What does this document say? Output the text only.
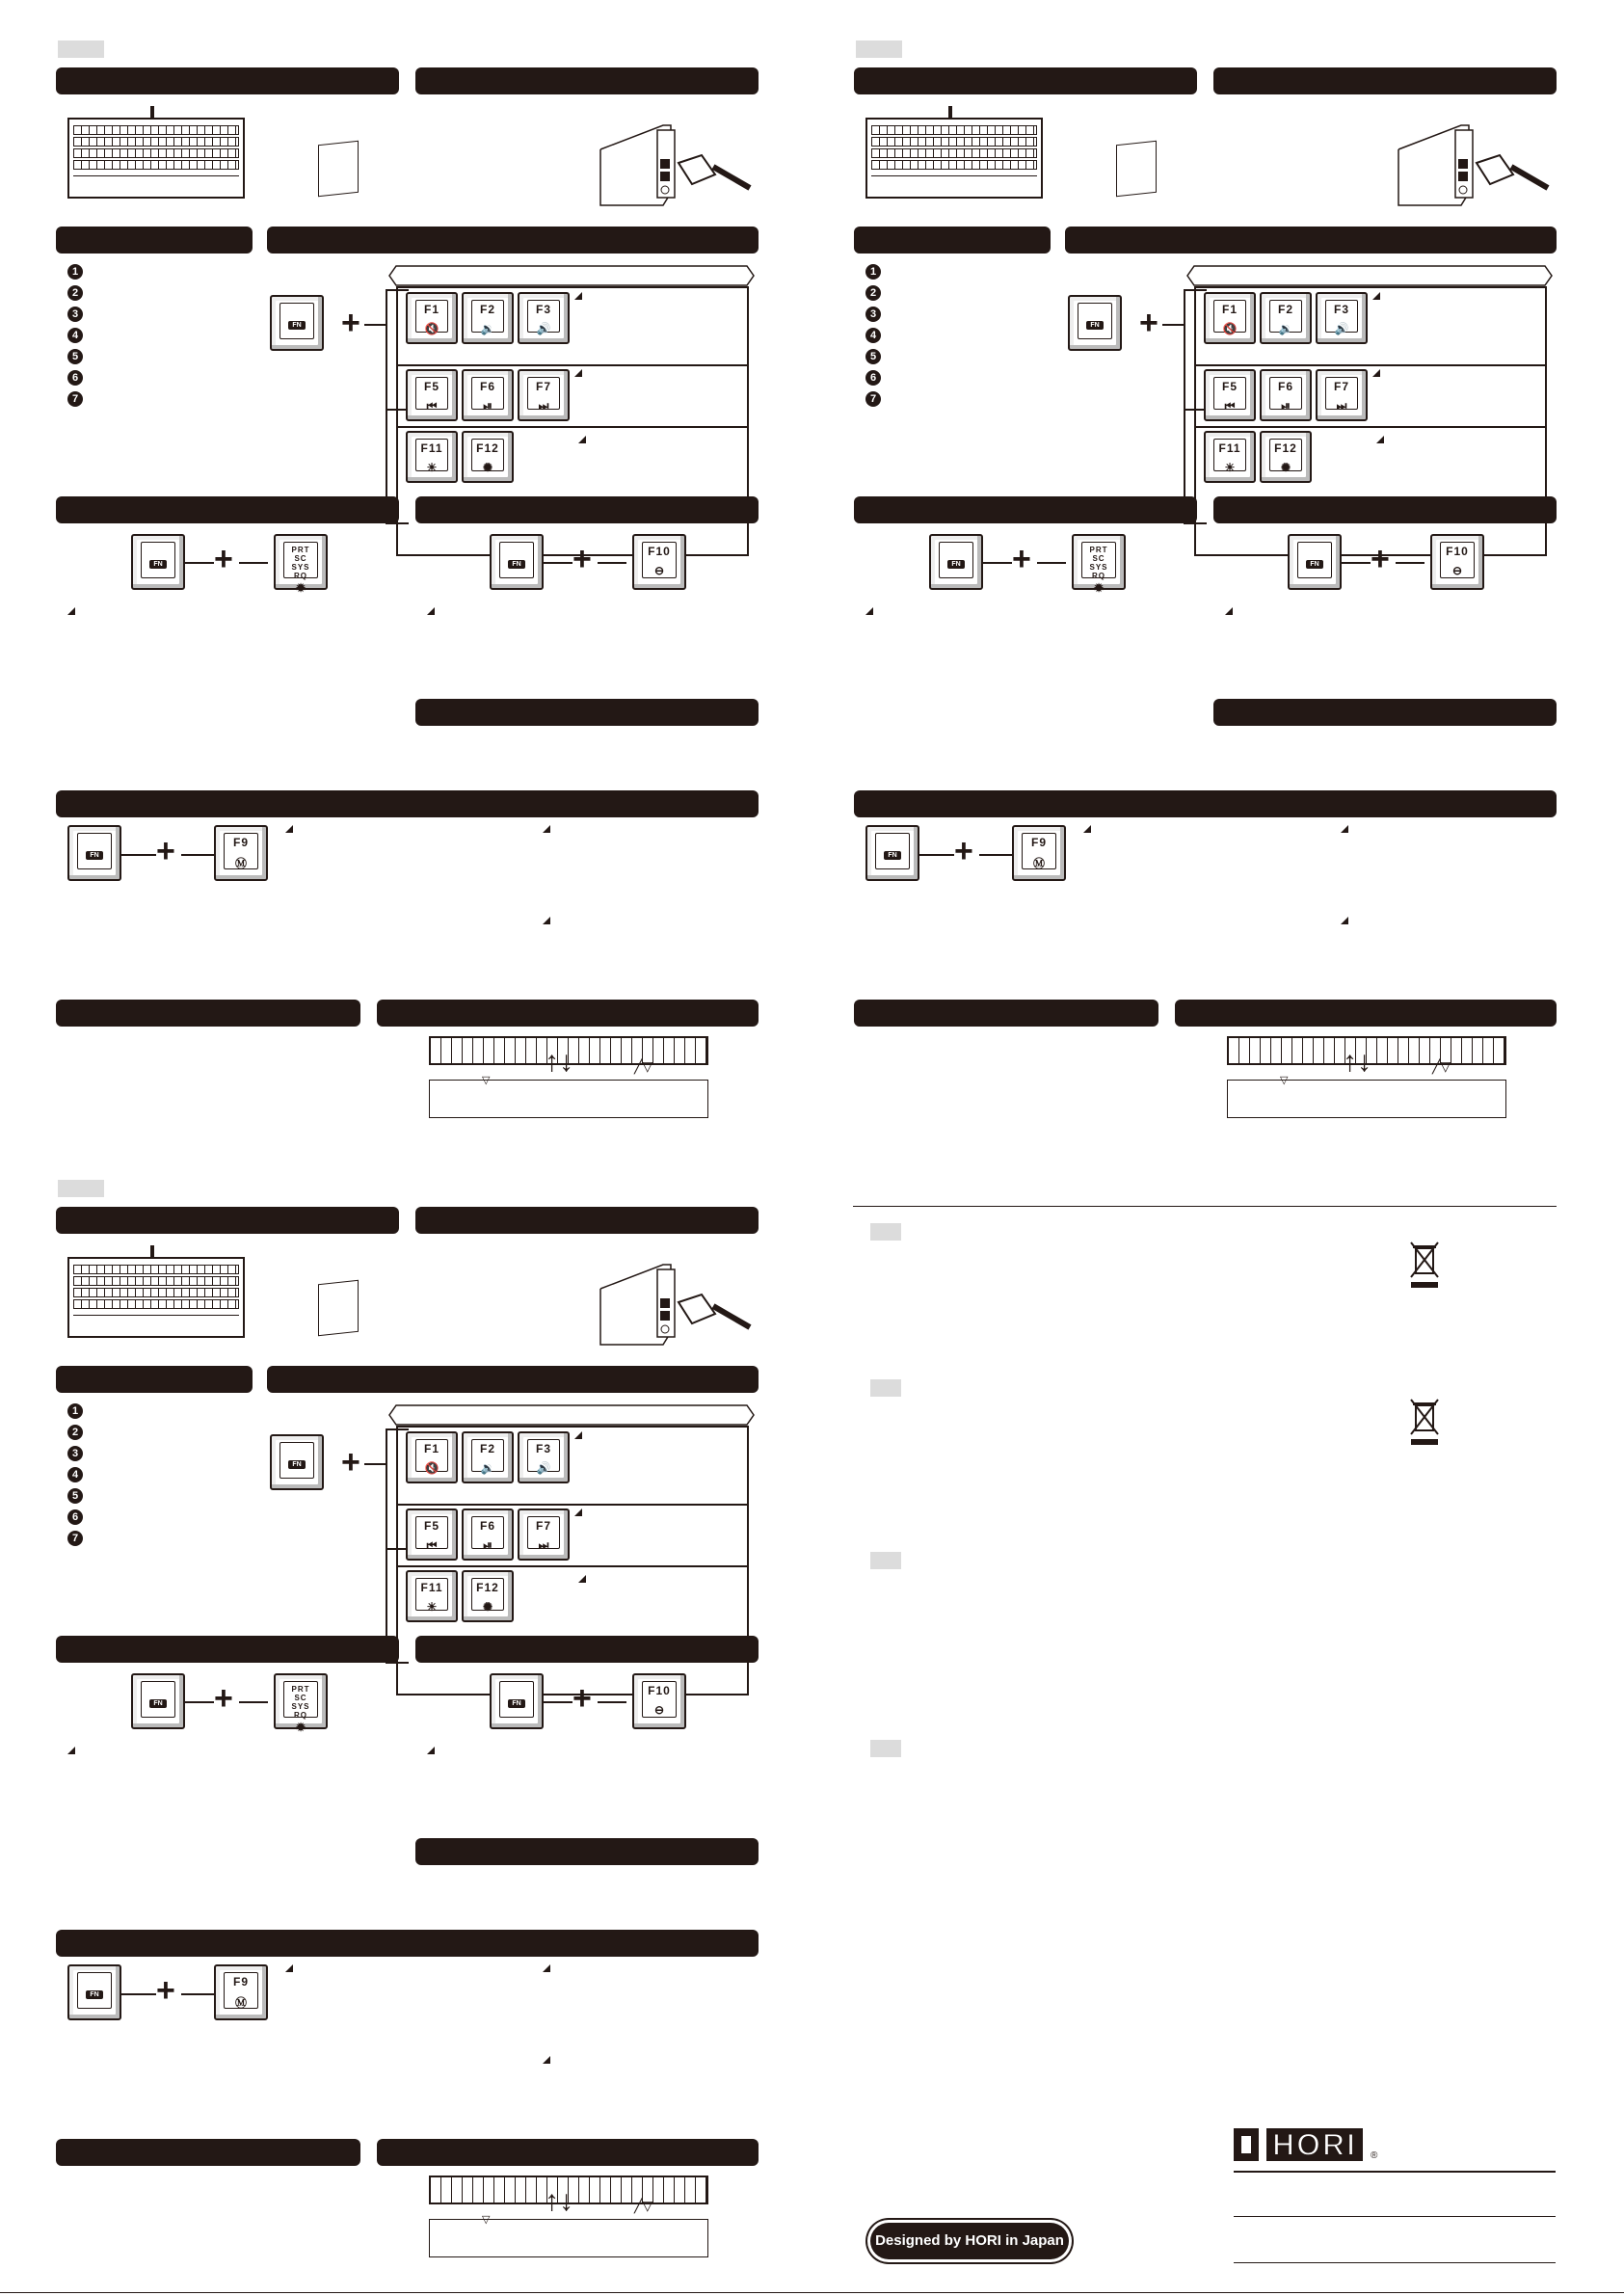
1
2
3
4
5
6
7
FN	+	F1
🔇
F2
🔉
F3
🔊
F5
⏮
F6
⏯
F7
⏭
F11
☀
F12
✺
FN	+	PRT SC
SYS RQ
✹
FN	+	F10
⊖
FN	+	F9
Ⓜ
▽
╱▽
↑↓
1
2
3
4
5
6
7
FN	+	F1
🔇
F2
🔉
F3
🔊
F5
⏮
F6
⏯
F7
⏭
F11
☀
F12
✺
FN	+	PRT SC
SYS RQ
✹
FN	+	F10
⊖
FN	+	F9
Ⓜ
▽
╱▽
↑↓
1
2
3
4
5
6
7
FN	+	F1
🔇
F2
🔉
F3
🔊
F5
⏮
F6
⏯
F7
⏭
F11
☀
F12
✺
FN	+	PRT SC
SYS RQ
✹
FN	+	F10
⊖
FN	+	F9
Ⓜ
▽
╱▽
↑↓
HORI	®
Designed by HORI in Japan
